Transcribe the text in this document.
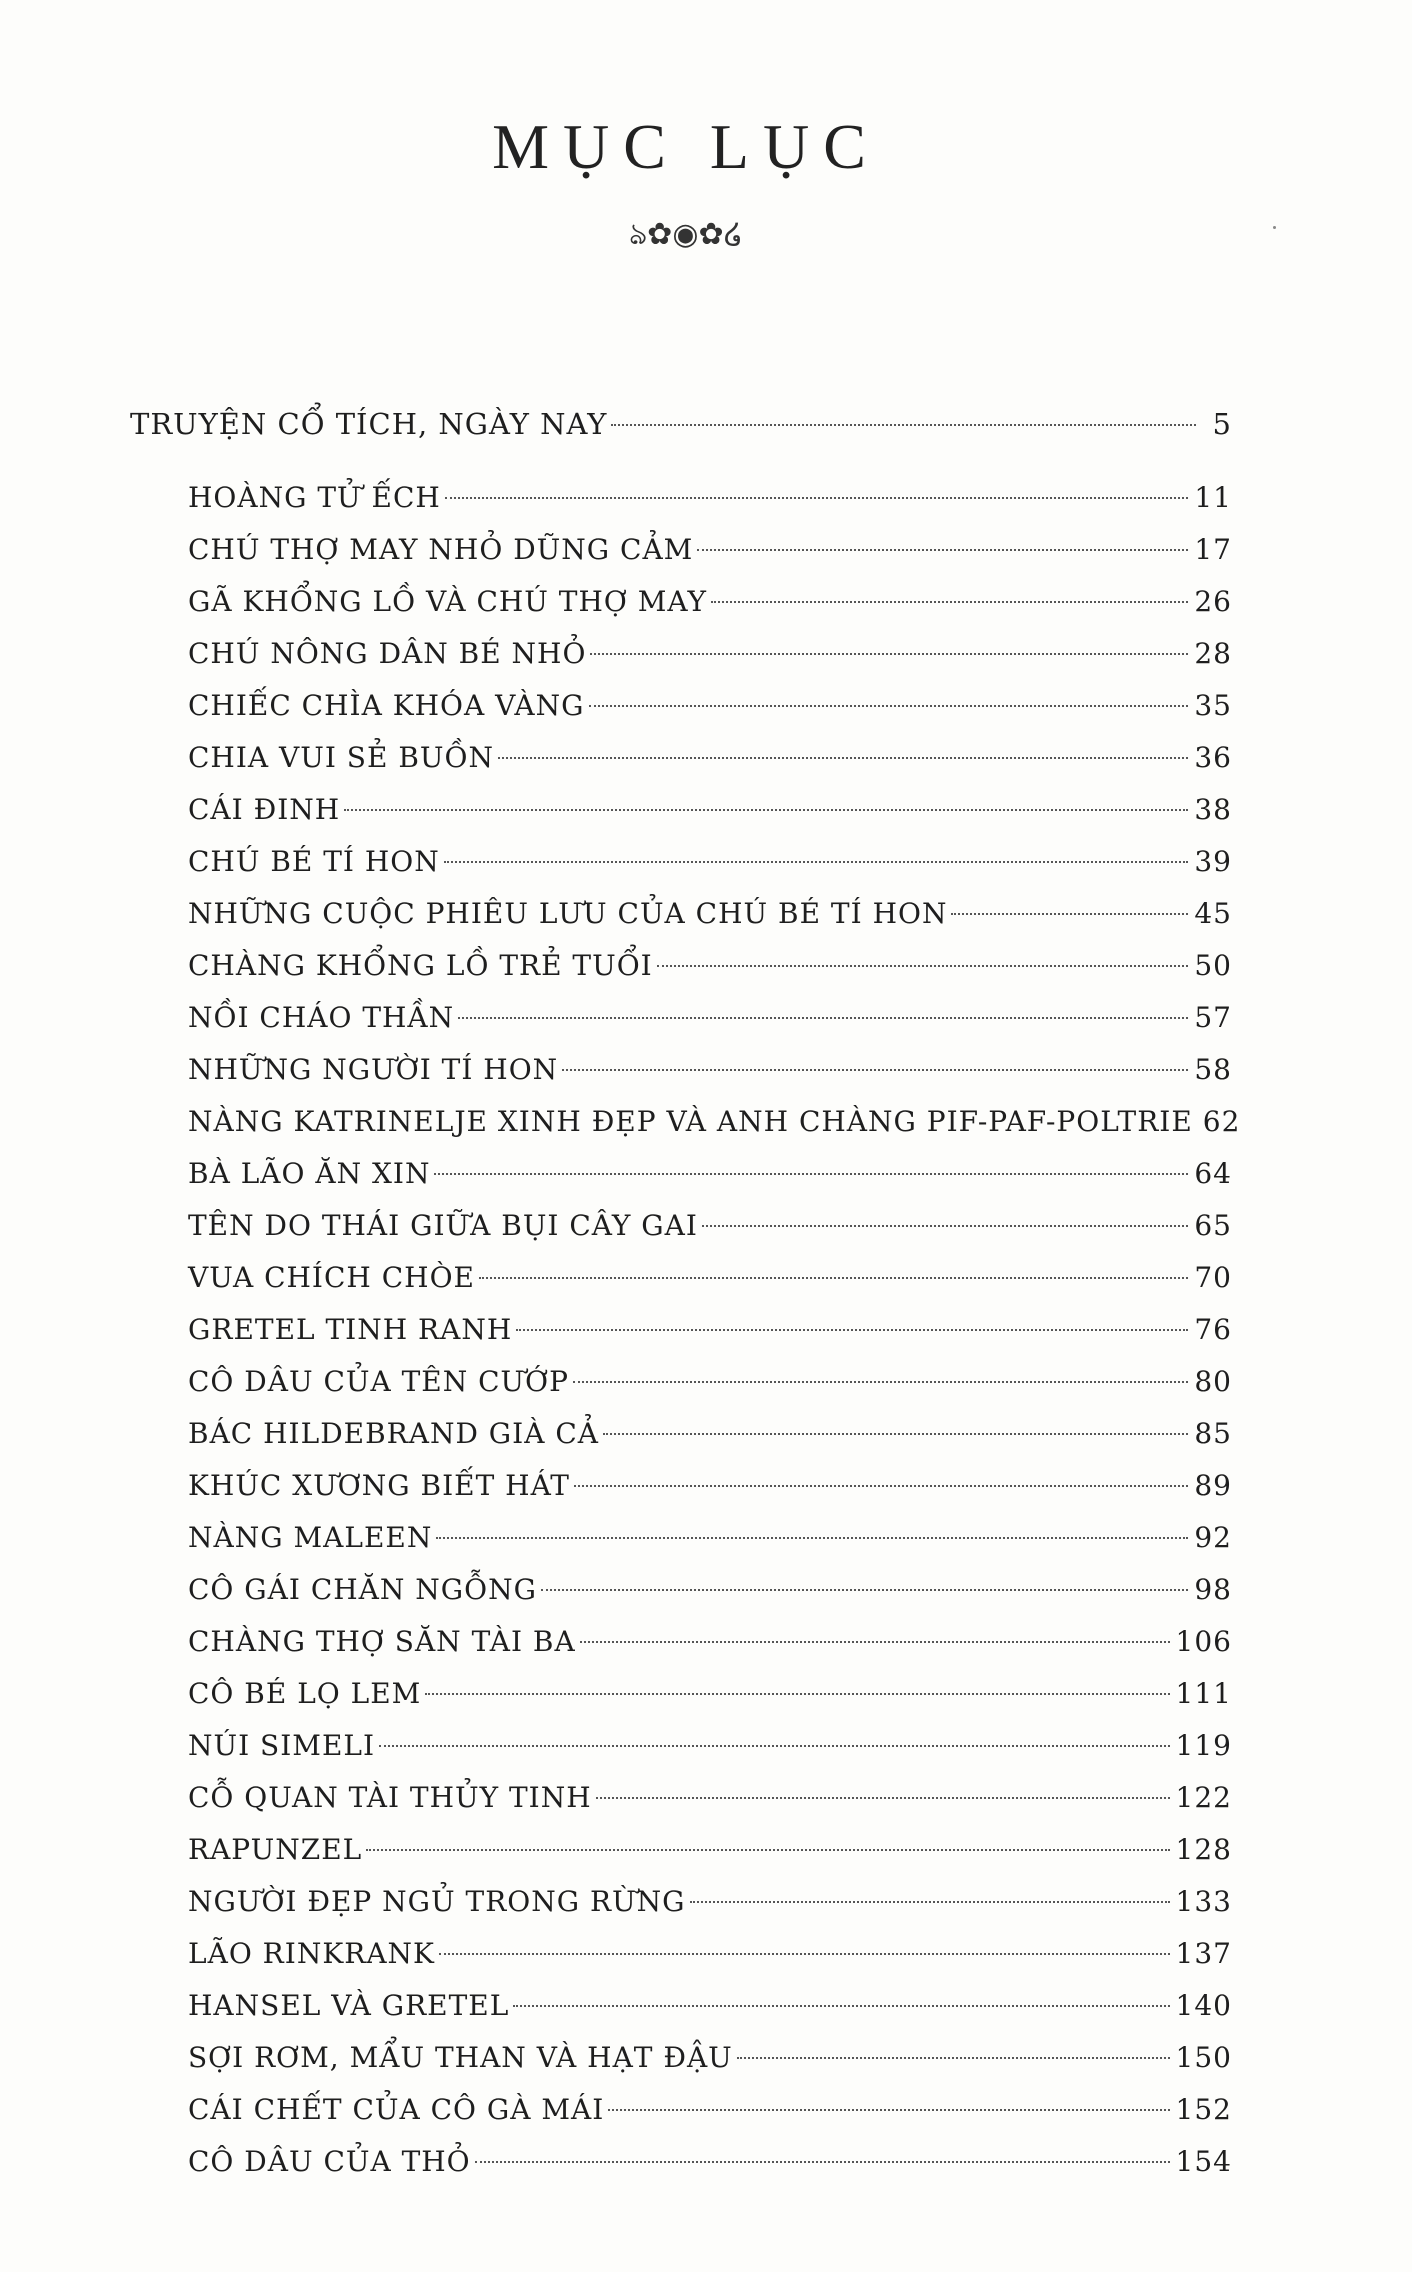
MỤC LỤC
ঌ✿◉✿໒
TRUYỆN CỔ TÍCH, NGÀY NAY	5
HOÀNG TỬ ẾCH	11
CHÚ THỢ MAY NHỎ DŨNG CẢM	17
GÃ KHỔNG LỒ VÀ CHÚ THỢ MAY	26
CHÚ NÔNG DÂN BÉ NHỎ	28
CHIẾC CHÌA KHÓA VÀNG	35
CHIA VUI SẺ BUỒN	36
CÁI ĐINH	38
CHÚ BÉ TÍ HON	39
NHỮNG CUỘC PHIÊU LƯU CỦA CHÚ BÉ TÍ HON	45
CHÀNG KHỔNG LỒ TRẺ TUỔI	50
NỒI CHÁO THẦN	57
NHỮNG NGƯỜI TÍ HON	58
NÀNG KATRINELJE XINH ĐẸP VÀ ANH CHÀNG PIF-PAF-POLTRIE 62
BÀ LÃO ĂN XIN	64
TÊN DO THÁI GIỮA BỤI CÂY GAI	65
VUA CHÍCH CHÒE	70
GRETEL TINH RANH	76
CÔ DÂU CỦA TÊN CƯỚP	80
BÁC HILDEBRAND GIÀ CẢ	85
KHÚC XƯƠNG BIẾT HÁT	89
NÀNG MALEEN	92
CÔ GÁI CHĂN NGỖNG	98
CHÀNG THỢ SĂN TÀI BA	106
CÔ BÉ LỌ LEM	111
NÚI SIMELI	119
CỖ QUAN TÀI THỦY TINH	122
RAPUNZEL	128
NGƯỜI ĐẸP NGỦ TRONG RỪNG	133
LÃO RINKRANK	137
HANSEL VÀ GRETEL	140
SỢI RƠM, MẨU THAN VÀ HẠT ĐẬU	150
CÁI CHẾT CỦA CÔ GÀ MÁI	152
CÔ DÂU CỦA THỎ	154
